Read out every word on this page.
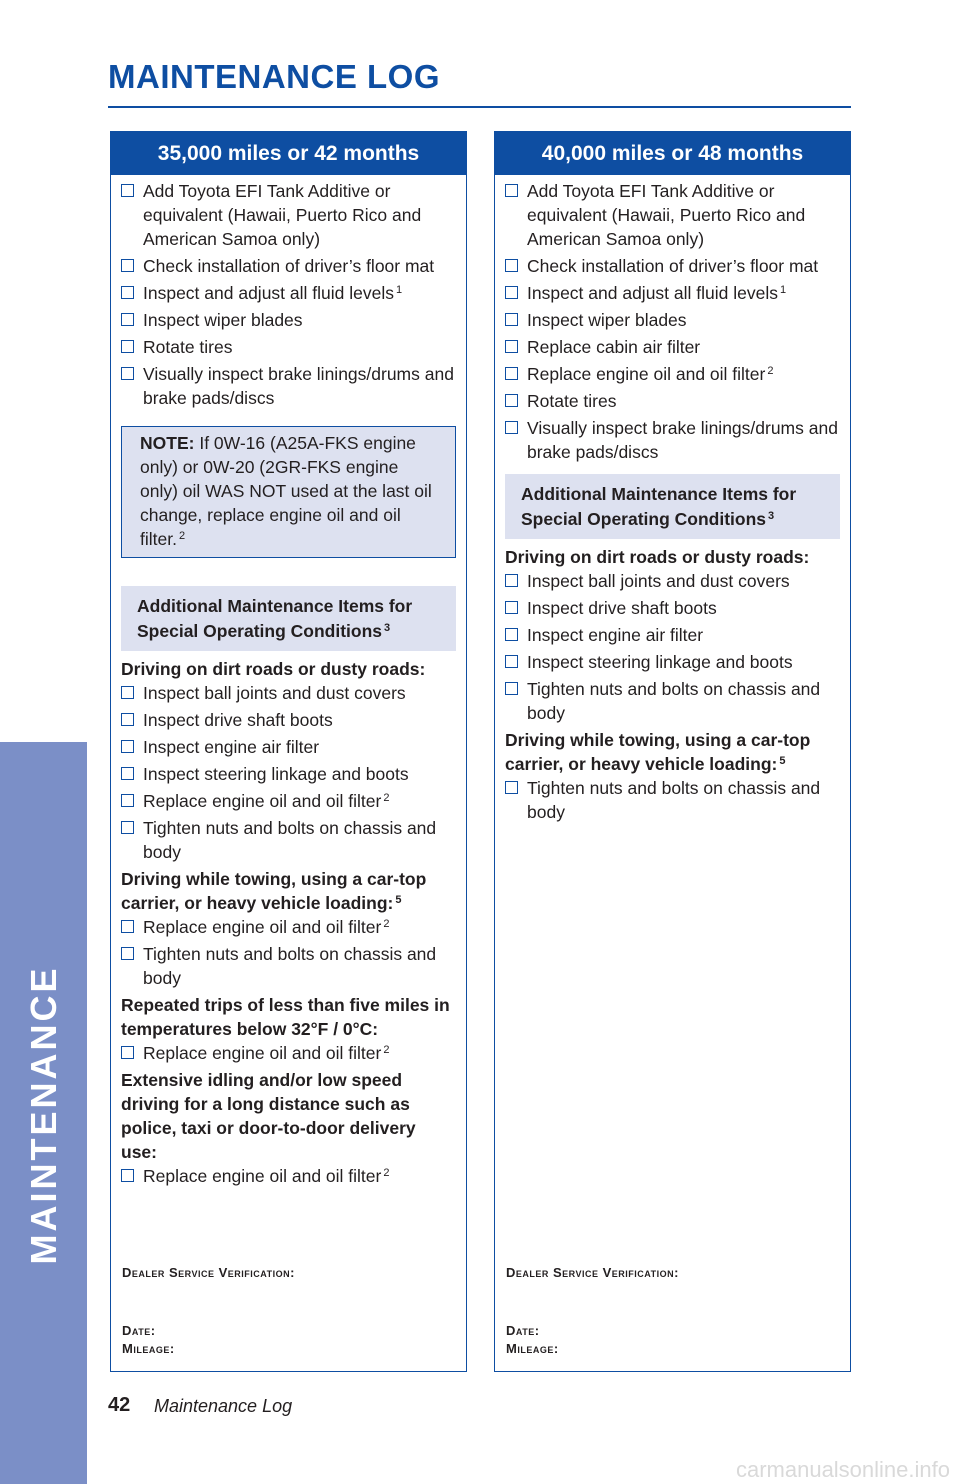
MAINTENANCE
MAINTENANCE LOG
35,000 miles or 42 months
Add Toyota EFI Tank Additive or equivalent (Hawaii, Puerto Rico and American Samoa only)
Check installation of driver’s floor mat
Inspect and adjust all fluid levels $^1$
Inspect wiper blades
Rotate tires
Visually inspect brake linings/drums and brake pads/discs
NOTE: If 0W-16 (A25A-FKS engine only) or 0W-20 (2GR-FKS engine only) oil WAS NOT used at the last oil change, replace engine oil and oil filter. $^2$
Additional Maintenance Items for Special Operating Conditions $^3$
Driving on dirt roads or dusty roads:
Inspect ball joints and dust covers
Inspect drive shaft boots
Inspect engine air filter
Inspect steering linkage and boots
Replace engine oil and oil filter $^2$
Tighten nuts and bolts on chassis and body
Driving while towing, using a car-top carrier, or heavy vehicle loading: $^5$
Replace engine oil and oil filter $^2$
Tighten nuts and bolts on chassis and body
Repeated trips of less than five miles in temperatures below 32°F / 0°C:
Replace engine oil and oil filter $^2$
Extensive idling and/or low speed driving for a long distance such as police, taxi or door-to-door delivery use:
Replace engine oil and oil filter $^2$
Dealer Service Verification:
Date:
Mileage:
40,000 miles or 48 months
Add Toyota EFI Tank Additive or equivalent (Hawaii, Puerto Rico and American Samoa only)
Check installation of driver’s floor mat
Inspect and adjust all fluid levels $^1$
Inspect wiper blades
Replace cabin air filter
Replace engine oil and oil filter $^2$
Rotate tires
Visually inspect brake linings/drums and brake pads/discs
Additional Maintenance Items for Special Operating Conditions $^3$
Driving on dirt roads or dusty roads:
Inspect ball joints and dust covers
Inspect drive shaft boots
Inspect engine air filter
Inspect steering linkage and boots
Tighten nuts and bolts on chassis and body
Driving while towing, using a car-top carrier, or heavy vehicle loading: $^5$
Tighten nuts and bolts on chassis and body
Dealer Service Verification:
Date:
Mileage:
42 Maintenance Log
carmanualsonline.info
